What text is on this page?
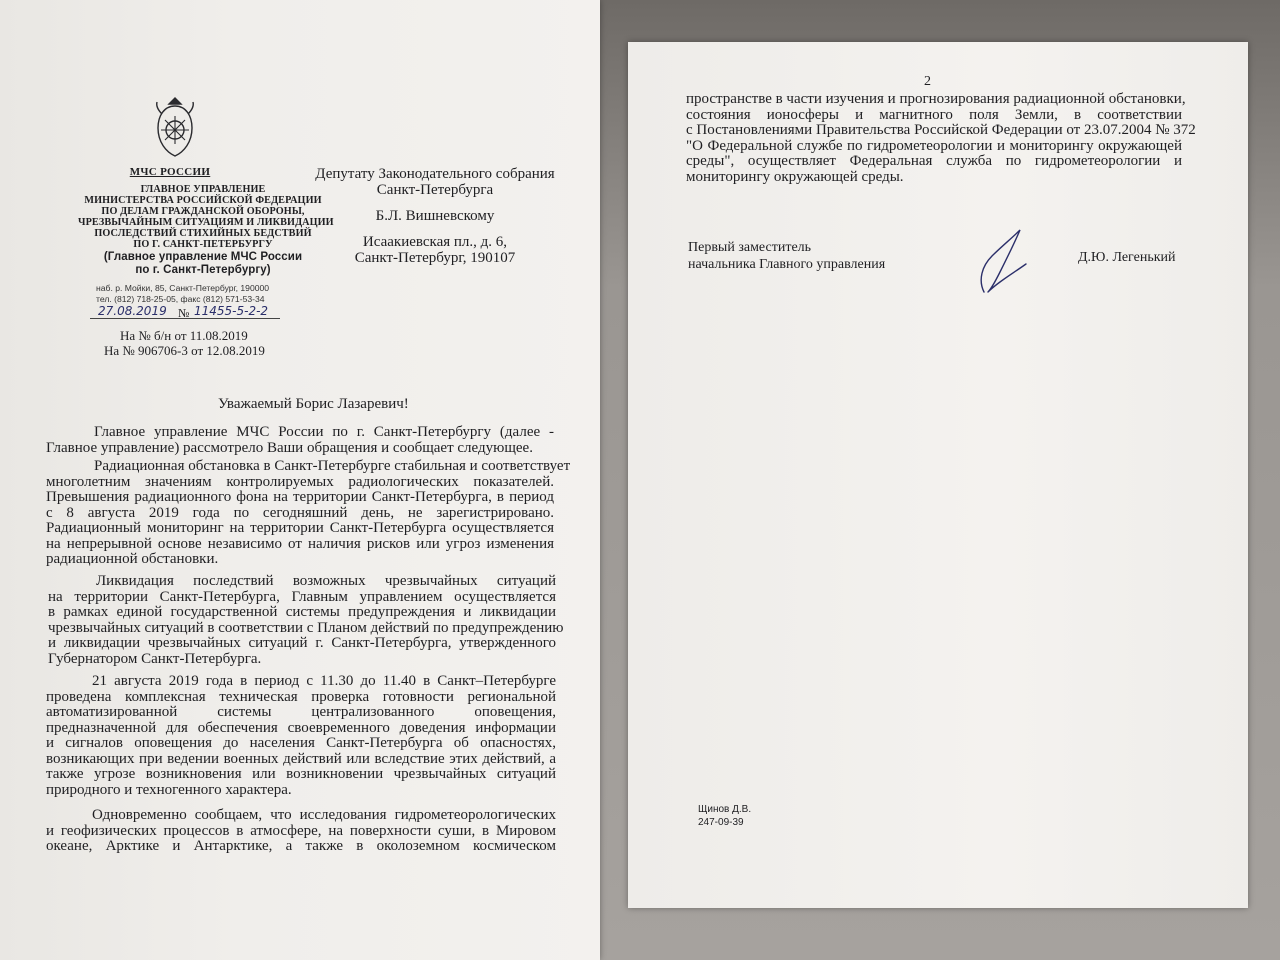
МЧС РОССИИ
ГЛАВНОЕ УПРАВЛЕНИЕ
МИНИСТЕРСТВА РОССИЙСКОЙ ФЕДЕРАЦИИ
ПО ДЕЛАМ ГРАЖДАНСКОЙ ОБОРОНЫ,
ЧРЕЗВЫЧАЙНЫМ СИТУАЦИЯМ И ЛИКВИДАЦИИ
ПОСЛЕДСТВИЙ СТИХИЙНЫХ БЕДСТВИЙ
ПО Г. САНКТ-ПЕТЕРБУРГУ
(Главное управление МЧС России
по г. Санкт-Петербургу)
наб. р. Мойки, 85, Санкт-Петербург, 190000
тел. (812) 718-25-05, факс (812) 571-53-34
27.08.2019 № 11455-5-2-2
На № б/н от 11.08.2019
На № 906706-3 от 12.08.2019
Депутату Законодательного собрания
Санкт-Петербурга
Б.Л. Вишневскому
Исаакиевская пл., д. 6,
Санкт-Петербург, 190107
Уважаемый Борис Лазаревич!
Главное управление МЧС России по г. Санкт-Петербургу (далее -
Главное управление) рассмотрело Ваши обращения и сообщает следующее.
Радиационная обстановка в Санкт-Петербурге стабильная и соответствует
многолетним значениям контролируемых радиологических показателей.
Превышения радиационного фона на территории Санкт-Петербурга, в период
с 8 августа 2019 года по сегодняшний день, не зарегистрировано.
Радиационный мониторинг на территории Санкт-Петербурга осуществляется
на непрерывной основе независимо от наличия рисков или угроз изменения
радиационной обстановки.
Ликвидация последствий возможных чрезвычайных ситуаций
на территории Санкт-Петербурга, Главным управлением осуществляется
в рамках единой государственной системы предупреждения и ликвидации
чрезвычайных ситуаций в соответствии с Планом действий по предупреждению
и ликвидации чрезвычайных ситуаций г. Санкт-Петербурга, утвержденного
Губернатором Санкт-Петербурга.
21 августа 2019 года в период с 11.30 до 11.40 в Санкт–Петербурге
проведена комплексная техническая проверка готовности региональной
автоматизированной системы централизованного оповещения,
предназначенной для обеспечения своевременного доведения информации
и сигналов оповещения до населения Санкт-Петербурга об опасностях,
возникающих при ведении военных действий или вследствие этих действий, а
также угрозе возникновения или возникновении чрезвычайных ситуаций
природного и техногенного характера.
Одновременно сообщаем, что исследования гидрометеорологических
и геофизических процессов в атмосфере, на поверхности суши, в Мировом
океане, Арктике и Антарктике, а также в околоземном космическом
2
пространстве в части изучения и прогнозирования радиационной обстановки,
состояния ионосферы и магнитного поля Земли, в соответствии
с Постановлениями Правительства Российской Федерации от 23.07.2004 № 372
"О Федеральной службе по гидрометеорологии и мониторингу окружающей
среды", осуществляет Федеральная служба по гидрометеорологии и
мониторингу окружающей среды.
Первый заместитель
начальника Главного управления	Д.Ю. Легенький
Щинов Д.В.
247-09-39
